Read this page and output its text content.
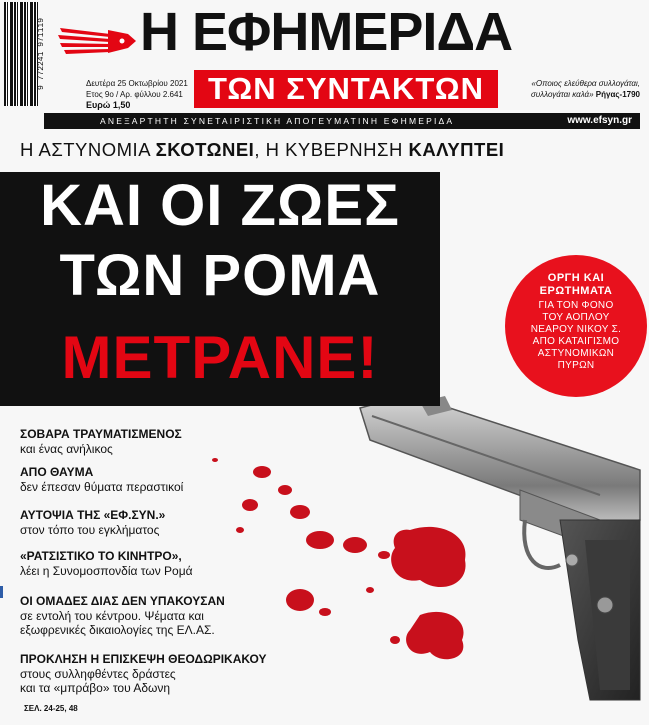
9 772241 971119 Η ΕΦΗΜΕΡΙΔΑ
Δευτέρα 25 Οκτωβρίου 2021
Ετος 9ο / Αρ. φύλλου 2.641
Ευρώ 1,50	ΤΩΝ ΣΥΝΤΑΚΤΩΝ	«Οποιος ελεύθερα συλλογάται,
συλλογάται καλά» Ρήγας-1790
ΑΝΕΞΑΡΤΗΤΗ ΣΥΝΕΤΑΙΡΙΣΤΙΚΗ ΑΠΟΓΕΥΜΑΤΙΝΗ ΕΦΗΜΕΡΙΔΑ	www.efsyn.gr
Η ΑΣΤΥΝΟΜΙΑ ΣΚΟΤΩΝΕΙ, Η ΚΥΒΕΡΝΗΣΗ ΚΑΛΥΠΤΕΙ
ΚΑΙ ΟΙ ΖΩΕΣ
ΤΩΝ ΡΟΜΑ
ΜΕΤΡΑΝΕ!
ΟΡΓΗ ΚΑΙ
ΕΡΩΤΗΜΑΤΑ
ΓΙΑ ΤΟΝ ΦΟΝΟ
ΤΟΥ ΑΟΠΛΟΥ
ΝΕΑΡΟΥ ΝΙΚΟΥ Σ.
ΑΠΟ ΚΑΤΑΙΓΙΣΜΟ
ΑΣΤΥΝΟΜΙΚΩΝ
ΠΥΡΩΝ
ΣΟΒΑΡΑ ΤΡΑΥΜΑΤΙΣΜΕΝΟΣ
και ένας ανήλικος
ΑΠΟ ΘΑΥΜΑ
δεν έπεσαν θύματα περαστικοί
ΑΥΤΟΨΙΑ ΤΗΣ «ΕΦ.ΣΥΝ.»
στον τόπο του εγκλήματος
«ΡΑΤΣΙΣΤΙΚΟ ΤΟ ΚΙΝΗΤΡΟ»,
λέει η Συνομοσπονδία των Ρομά
ΟΙ ΟΜΑΔΕΣ ΔΙΑΣ ΔΕΝ ΥΠΑΚΟΥΣΑΝ
σε εντολή του κέντρου. Ψέματα και
εξωφρενικές δικαιολογίες της ΕΛ.ΑΣ.
ΠΡΟΚΛΗΣΗ Η ΕΠΙΣΚΕΨΗ ΘΕΟΔΩΡΙΚΑΚΟΥ
στους συλληφθέντες δράστες
και τα «μπράβο» του Αδωνη
ΣΕΛ. 24-25, 48
